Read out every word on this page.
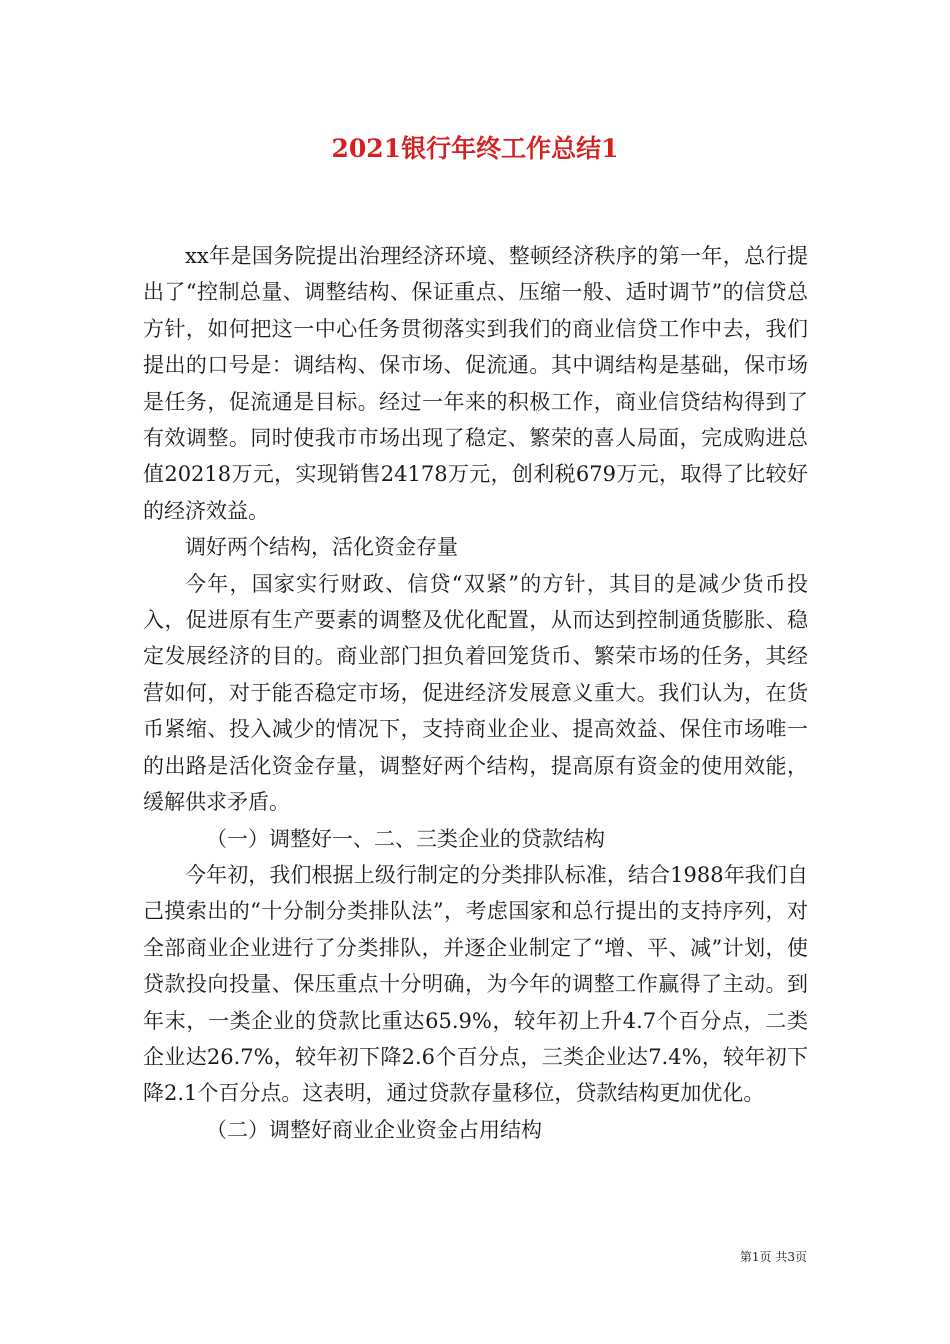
2021银行年终工作总结1

xx年是国务院提出治理经济环境、整顿经济秩序的第一年，总行提出了“控制总量、调整结构、保证重点、压缩一般、适时调节”的信贷总方针，如何把这一中心任务贯彻落实到我们的商业信贷工作中去，我们提出的口号是：调结构、保市场、促流通。其中调结构是基础，保市场是任务，促流通是目标。经过一年来的积极工作，商业信贷结构得到了有效调整。同时使我市市场出现了稳定、繁荣的喜人局面，完成购进总值20218万元，实现销售24178万元，创利税679万元，取得了比较好的经济效益。

调好两个结构，活化资金存量

今年，国家实行财政、信贷“双紧”的方针，其目的是减少货币投入，促进原有生产要素的调整及优化配置，从而达到控制通货膨胀、稳定发展经济的目的。商业部门担负着回笼货币、繁荣市场的任务，其经营如何，对于能否稳定市场，促进经济发展意义重大。我们认为，在货币紧缩、投入减少的情况下，支持商业企业、提高效益、保住市场唯一的出路是活化资金存量，调整好两个结构，提高原有资金的使用效能，缓解供求矛盾。

（一）调整好一、二、三类企业的贷款结构

今年初，我们根据上级行制定的分类排队标准，结合1988年我们自己摸索出的“十分制分类排队法”，考虑国家和总行提出的支持序列，对全部商业企业进行了分类排队，并逐企业制定了“增、平、减”计划，使贷款投向投量、保压重点十分明确，为今年的调整工作赢得了主动。到年末，一类企业的贷款比重达65.9%，较年初上升4.7个百分点，二类企业达26.7%，较年初下降2.6个百分点，三类企业达7.4%，较年初下降2.1个百分点。这表明，通过贷款存量移位，贷款结构更加优化。

（二）调整好商业企业资金占用结构

第1页 共3页
